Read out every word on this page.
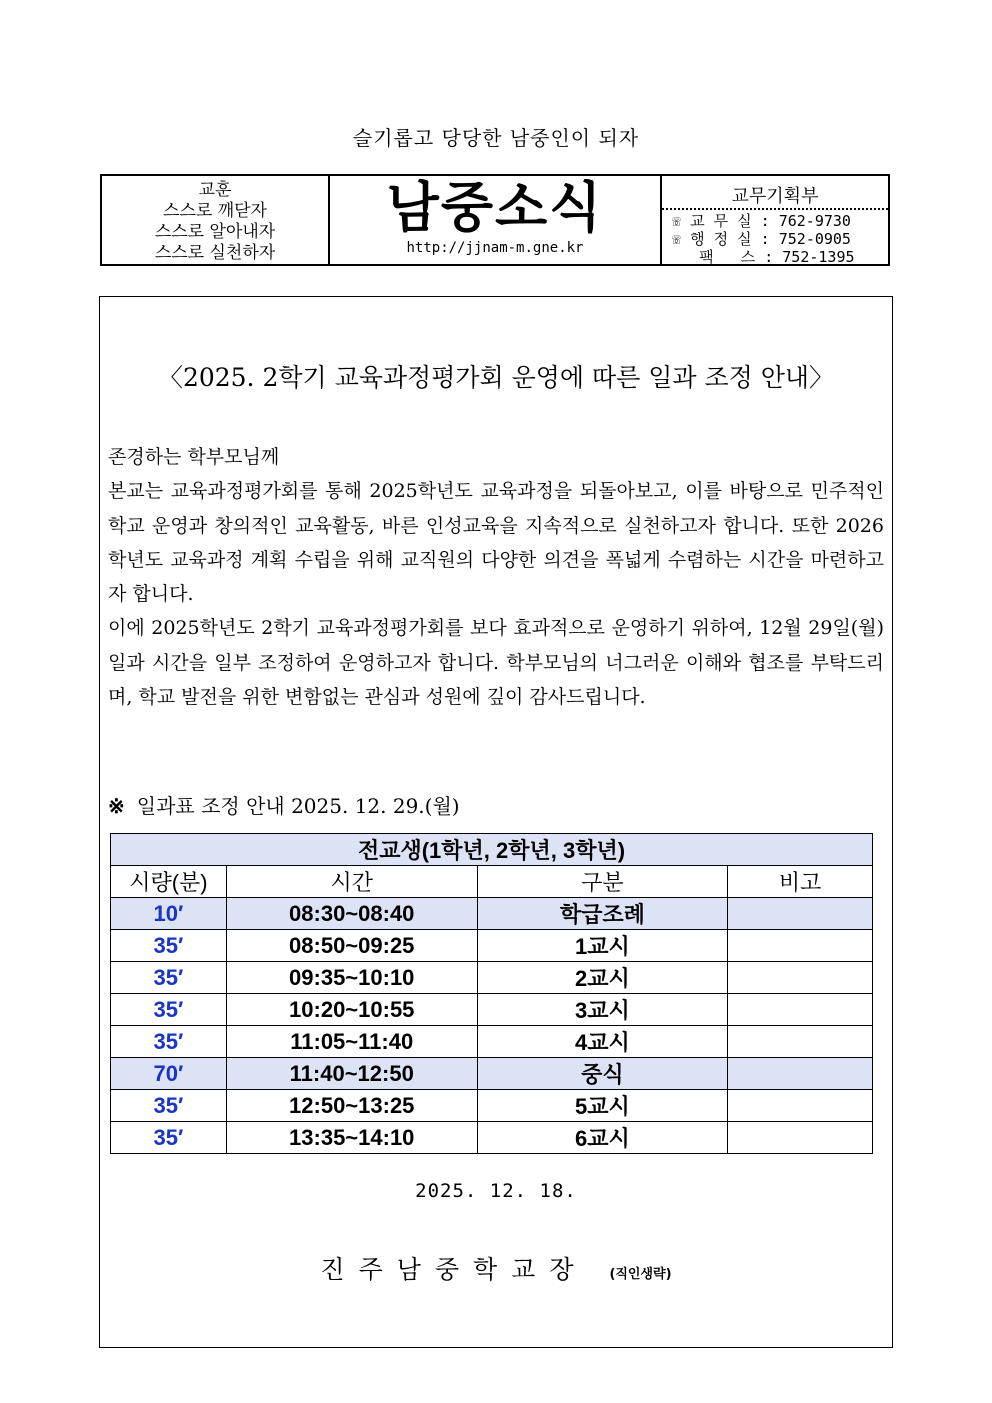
슬기롭고 당당한 남중인이 되자
교훈
스스로 깨닫자
스스로 알아내자
스스로 실천하자
남중소식
http://jjnam-m.gne.kr
교무기획부
☏ 교 무 실 : 762-9730
☏ 행 정 실 : 752-0905
팩   스 : 752-1395
〈2025. 2학기 교육과정평가회 운영에 따른 일과 조정 안내〉

존경하는 학부모님께

본교는 교육과정평가회를 통해 2025학년도 교육과정을 되돌아보고, 이를 바탕으로 민주적인 학교 운영과 창의적인 교육활동, 바른 인성교육을 지속적으로 실천하고자 합니다. 또한 2026학년도 교육과정 계획 수립을 위해 교직원의 다양한 의견을 폭넓게 수렴하는 시간을 마련하고자 합니다.

이에 2025학년도 2학기 교육과정평가회를 보다 효과적으로 운영하기 위하여, 12월 29일(월) 일과 시간을 일부 조정하여 운영하고자 합니다. 학부모님의 너그러운 이해와 협조를 부탁드리며, 학교 발전을 위한 변함없는 관심과 성원에 깊이 감사드립니다.

※ 일과표 조정 안내 2025. 12. 29.(월)
전교생(1학년, 2학년, 3학년)			
시량(분)	시간	구분	비고
10′	08:30~08:40	학급조례	
35′	08:50~09:25	1교시	
35′	09:35~10:10	2교시	
35′	10:20~10:55	3교시	
35′	11:05~11:40	4교시	
70′	11:40~12:50	중식	
35′	12:50~13:25	5교시	
35′	13:35~14:10	6교시	
2025. 12. 18.
진주남중학교장 (직인생략)
